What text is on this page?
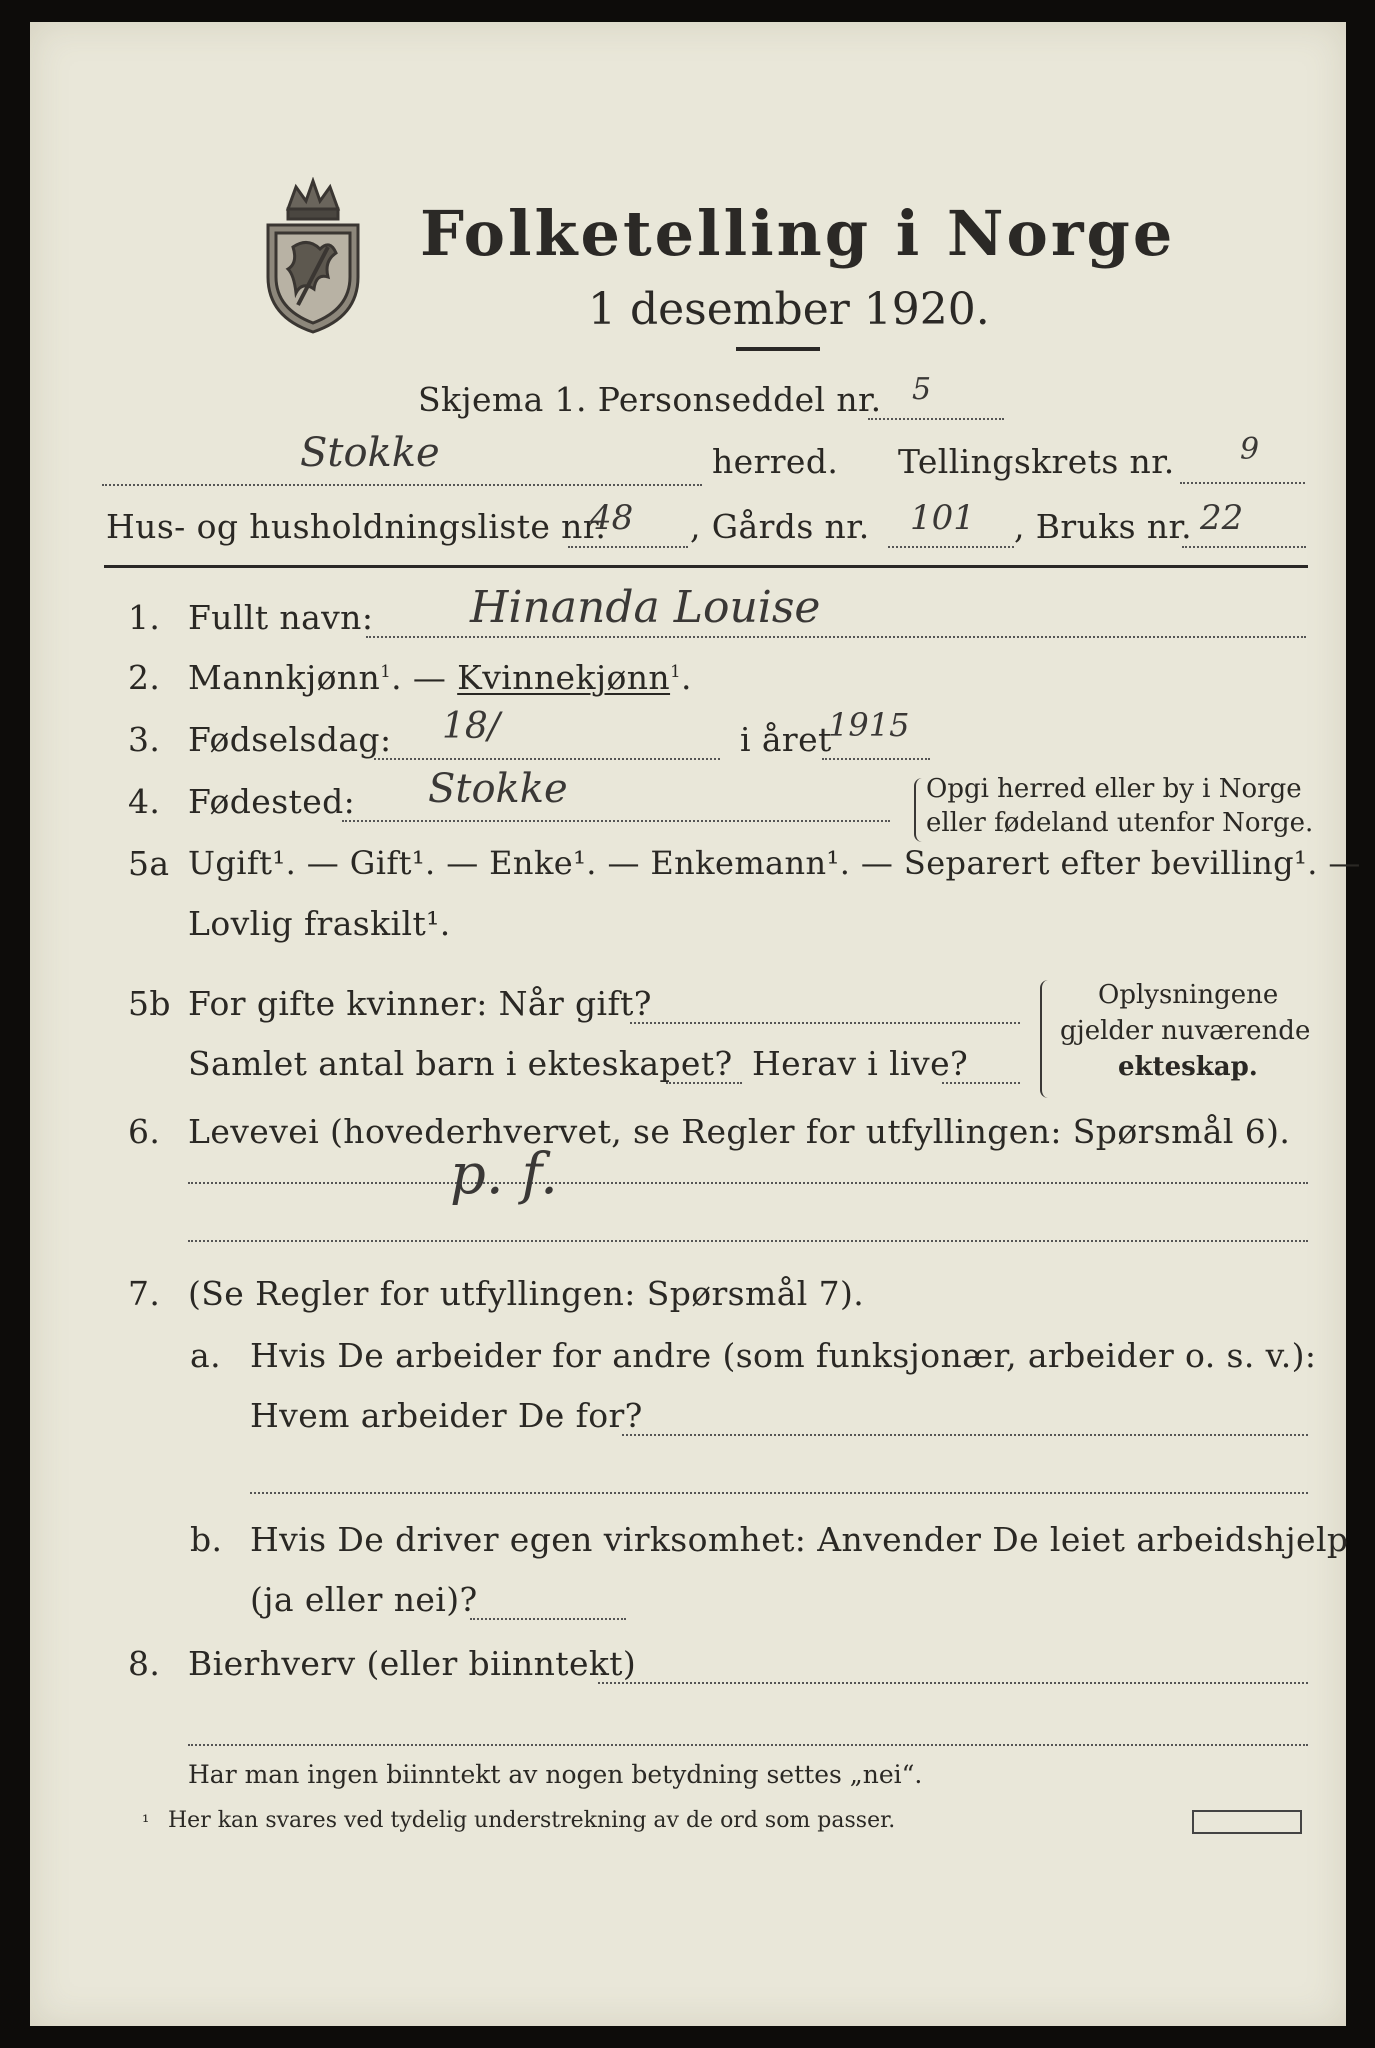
Folketelling i Norge
1 desember 1920.
Skjema 1. Personseddel nr. 5
Stokke	herred. Tellingskrets nr. 9
Hus- og husholdningsliste nr.
48 , Gårds nr. 101 , Bruks nr. 22
1. Fullt navn: Hinanda Louise
2. Mannkjønn$^1$. — Kvinnekjønn$^1$.
3. Fødselsdag: 18/	i året
1915
4. Fødested: Stokke	Opgi herred eller by i Norge
eller fødeland utenfor Norge.
5a Ugift¹. — Gift¹. — Enke¹. — Enkemann¹. — Separert efter bevilling¹. —
Lovlig fraskilt¹.
5b For gifte kvinner: Når gift?
Samlet antal barn i ekteskapet? Herav i live?
Oplysningene
gjelder nuværende
ekteskap.
6. Levevei (hovederhvervet, se Regler for utfyllingen: Spørsmål 6).
p. f.
7. (Se Regler for utfyllingen: Spørsmål 7).
a. Hvis De arbeider for andre (som funksjonær, arbeider o. s. v.):
Hvem arbeider De for?
b. Hvis De driver egen virksomhet: Anvender De leiet arbeidshjelp
(ja eller nei)?
8. Bierhverv (eller biinntekt)
Har man ingen biinntekt av nogen betydning settes „nei“.
¹ Her kan svares ved tydelig understrekning av de ord som passer.
